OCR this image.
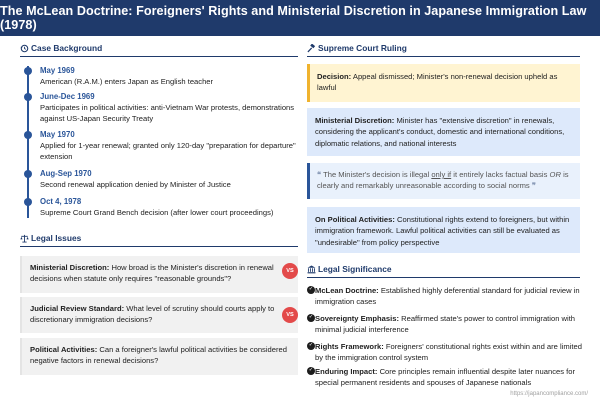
The McLean Doctrine: Foreigners' Rights and Ministerial Discretion in Japanese Immigration Law (1978)
Case Background
May 1969
American (R.A.M.) enters Japan as English teacher
June-Dec 1969
Participates in political activities: anti-Vietnam War protests, demonstrations against US-Japan Security Treaty
May 1970
Applied for 1-year renewal; granted only 120-day "preparation for departure" extension
Aug-Sep 1970
Second renewal application denied by Minister of Justice
Oct 4, 1978
Supreme Court Grand Bench decision (after lower court proceedings)
Legal Issues
Ministerial Discretion: How broad is the Minister's discretion in renewal decisions when statute only requires "reasonable grounds"?
VS
Judicial Review Standard: What level of scrutiny should courts apply to discretionary immigration decisions?
VS
Political Activities: Can a foreigner's lawful political activities be considered negative factors in renewal decisions?
Supreme Court Ruling
Decision: Appeal dismissed; Minister's non-renewal decision upheld as lawful
Ministerial Discretion: Minister has "extensive discretion" in renewals, considering the applicant's conduct, domestic and international conditions, diplomatic relations, and national interests
❝ The Minister's decision is illegal only if it entirely lacks factual basis OR is clearly and remarkably unreasonable according to social norms ❞
On Political Activities: Constitutional rights extend to foreigners, but within immigration framework. Lawful political activities can still be evaluated as "undesirable" from policy perspective
Legal Significance
✓ McLean Doctrine: Established highly deferential standard for judicial review in immigration cases
✓ Sovereignty Emphasis: Reaffirmed state's power to control immigration with minimal judicial interference
✓ Rights Framework: Foreigners' constitutional rights exist within and are limited by the immigration control system
✓ Enduring Impact: Core principles remain influential despite later nuances for special permanent residents and spouses of Japanese nationals
https://japancompliance.com/
